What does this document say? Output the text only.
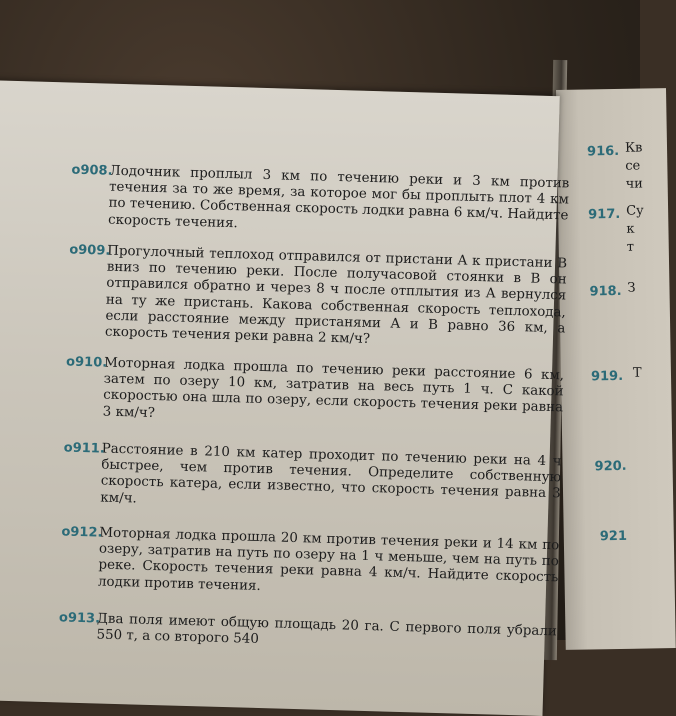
916. Кв
се
чи
917. Су
к
т
918. З
919. Т
920.
921
o908.
Лодочник проплыл 3 км по течению реки и 3 км против течения за то же время, за которое мог бы проплыть плот 4 км по течению. Собственная скорость лодки равна 6 км/ч. Найдите скорость течения.
o909.
Прогулочный теплоход отправился от пристани A к пристани B вниз по течению реки. После получасовой стоянки в B он отправился обратно и через 8 ч после отплытия из A вернулся на ту же пристань. Какова собственная скорость теплохода, если расстояние между пристанями A и B равно 36 км, а скорость течения реки равна 2 км/ч?
o910.
Моторная лодка прошла по течению реки расстояние 6 км, затем по озеру 10 км, затратив на весь путь 1 ч. С какой скоростью она шла по озеру, если скорость течения реки равна 3 км/ч?
o911.
Расстояние в 210 км катер проходит по течению реки на 4 ч быстрее, чем против течения. Определите собственную скорость катера, если известно, что скорость течения равна 3 км/ч.
o912.
Моторная лодка прошла 20 км против течения реки и 14 км по озеру, затратив на путь по озеру на 1 ч меньше, чем на путь по реке. Скорость течения реки равна 4 км/ч. Найдите скорость лодки против течения.
o913.
Два поля имеют общую площадь 20 га. С первого поля убрали 550 т, а со второго 540
